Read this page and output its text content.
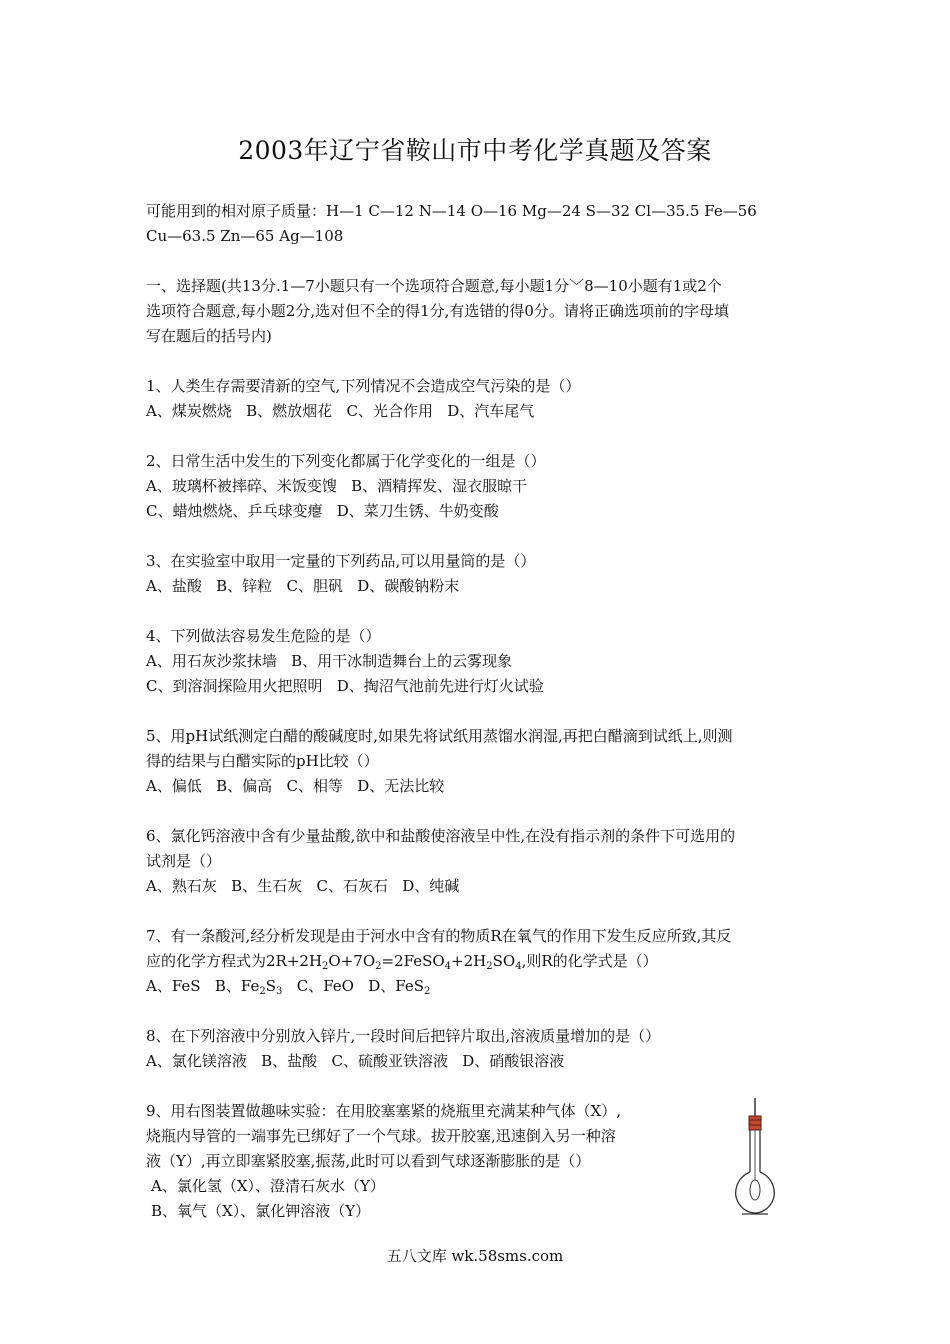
2003年辽宁省鞍山市中考化学真题及答案
可能用到的相对原子质量：H—1 C—12 N—14 O—16 Mg—24 S—32 Cl—35.5 Fe—56
Cu—63.5 Zn—65 Ag—108
一、选择题(共13分.1—7小题只有一个选项符合题意,每小题1分﹀8—10小题有1或2个
选项符合题意,每小题2分,选对但不全的得1分,有选错的得0分。请将正确选项前的字母填
写在题后的括号内)
1、人类生存需要清新的空气,下列情况不会造成空气污染的是（）
A、煤炭燃烧   B、燃放烟花   C、光合作用   D、汽车尾气
2、日常生活中发生的下列变化都属于化学变化的一组是（）
A、玻璃杯被摔碎、米饭变馊   B、酒精挥发、湿衣服晾干
C、蜡烛燃烧、乒乓球变瘪   D、菜刀生锈、牛奶变酸
3、在实验室中取用一定量的下列药品,可以用量筒的是（）
A、盐酸   B、锌粒   C、胆矾   D、碳酸钠粉末
4、下列做法容易发生危险的是（）
A、用石灰沙浆抹墙   B、用干冰制造舞台上的云雾现象
C、到溶洞探险用火把照明   D、掏沼气池前先进行灯火试验
5、用pH试纸测定白醋的酸碱度时,如果先将试纸用蒸馏水润湿,再把白醋滴到试纸上,则测
得的结果与白醋实际的pH比较（）
A、偏低   B、偏高   C、相等   D、无法比较
6、氯化钙溶液中含有少量盐酸,欲中和盐酸使溶液呈中性,在没有指示剂的条件下可选用的
试剂是（）
A、熟石灰   B、生石灰   C、石灰石   D、纯碱
7、有一条酸河,经分析发现是由于河水中含有的物质R在氧气的作用下发生反应所致,其反
应的化学方程式为$2R+2H_2O+7O_2=2FeSO_4+2H_2SO_4$,则R的化学式是（）
A、FeS   B、$Fe_2S_3$   C、FeO   D、FeS$_2$
8、在下列溶液中分别放入锌片,一段时间后把锌片取出,溶液质量增加的是（）
A、氯化镁溶液   B、盐酸   C、硫酸亚铁溶液   D、硝酸银溶液
9、用右图装置做趣味实验：在用胶塞塞紧的烧瓶里充满某种气体（X）,
烧瓶内导管的一端事先已绑好了一个气球。拔开胶塞,迅速倒入另一种溶
液（Y）,再立即塞紧胶塞,振荡,此时可以看到气球逐渐膨胀的是（）
A、氯化氢（X）、澄清石灰水（Y）
B、氧气（X）、氯化钾溶液（Y）
五八文库 wk.58sms.com
